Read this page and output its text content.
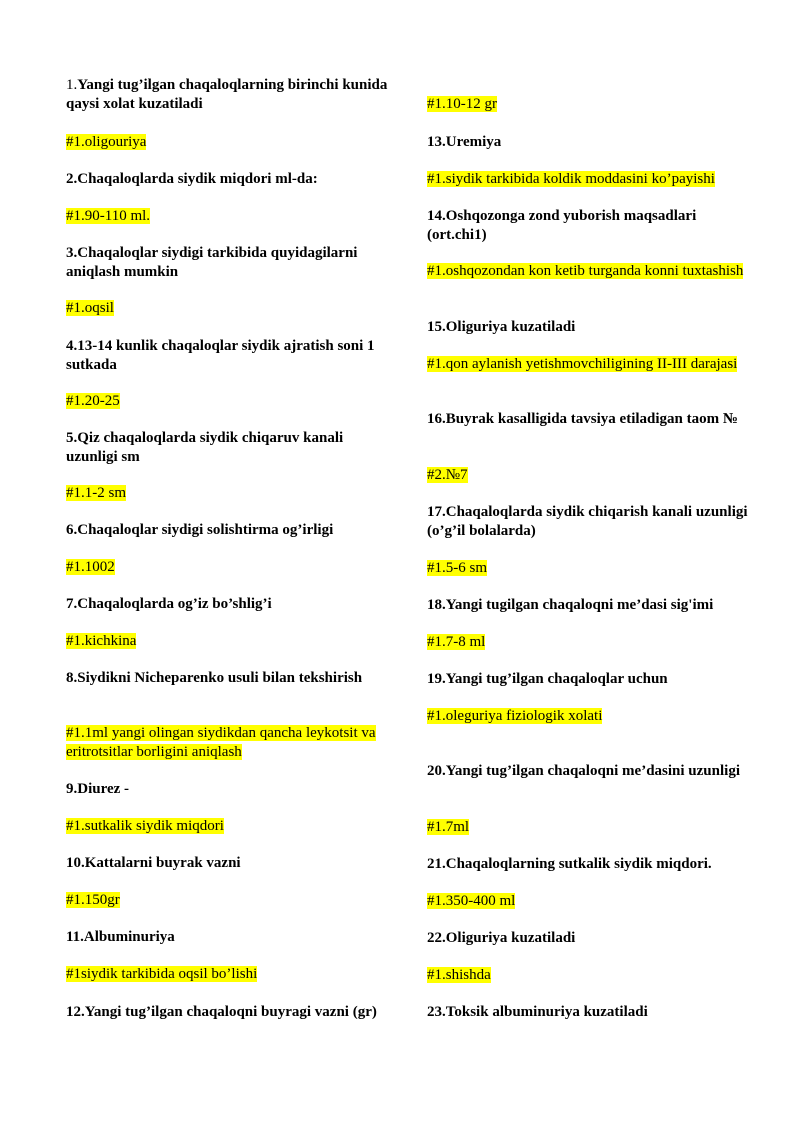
1.Yangi tug’ilgan chaqaloqlarning birinchi kunida qaysi xolat kuzatiladi
#1.oligouriya
2.Chaqaloqlarda siydik miqdori ml-da:
#1.90-110 ml.
3.Chaqaloqlar siydigi tarkibida quyidagilarni aniqlash mumkin
#1.oqsil
4.13-14 kunlik chaqaloqlar siydik ajratish soni 1 sutkada
#1.20-25
5.Qiz chaqaloqlarda siydik chiqaruv kanali uzunligi sm
#1.1-2 sm
6.Chaqaloqlar siydigi solishtirma og’irligi
#1.1002
7.Chaqaloqlarda og’iz bo’shlig’i
#1.kichkina
8.Siydikni Nicheparenko usuli bilan tekshirish
#1.1ml yangi olingan siydikdan qancha leykotsit va eritrotsitlar borligini aniqlash
9.Diurez -
#1.sutkalik siydik miqdori
10.Kattalarni buyrak vazni
#1.150gr
11.Albuminuriya
#1siydik tarkibida oqsil bo’lishi
12.Yangi tug’ilgan chaqaloqni buyragi vazni (gr)
#1.10-12 gr
13.Uremiya
#1.siydik tarkibida koldik moddasini ko’payishi
14.Oshqozonga zond yuborish maqsadlari (ort.chi1)
#1.oshqozondan kon ketib turganda konni tuxtashish
15.Oliguriya kuzatiladi
#1.qon aylanish yetishmovchiligining II-III darajasi
16.Buyrak kasalligida tavsiya etiladigan taom №
#2.№7
17.Chaqaloqlarda siydik chiqarish kanali uzunligi (o’g’il bolalarda)
#1.5-6 sm
18.Yangi tugilgan chaqaloqni me’dasi sig'imi
#1.7-8 ml
19.Yangi tug’ilgan chaqaloqlar uchun
#1.oleguriya fiziologik xolati
20.Yangi tug’ilgan chaqaloqni me’dasini uzunligi
#1.7ml
21.Chaqaloqlarning sutkalik siydik miqdori.
#1.350-400 ml
22.Oliguriya kuzatiladi
#1.shishda
23.Toksik albuminuriya kuzatiladi
